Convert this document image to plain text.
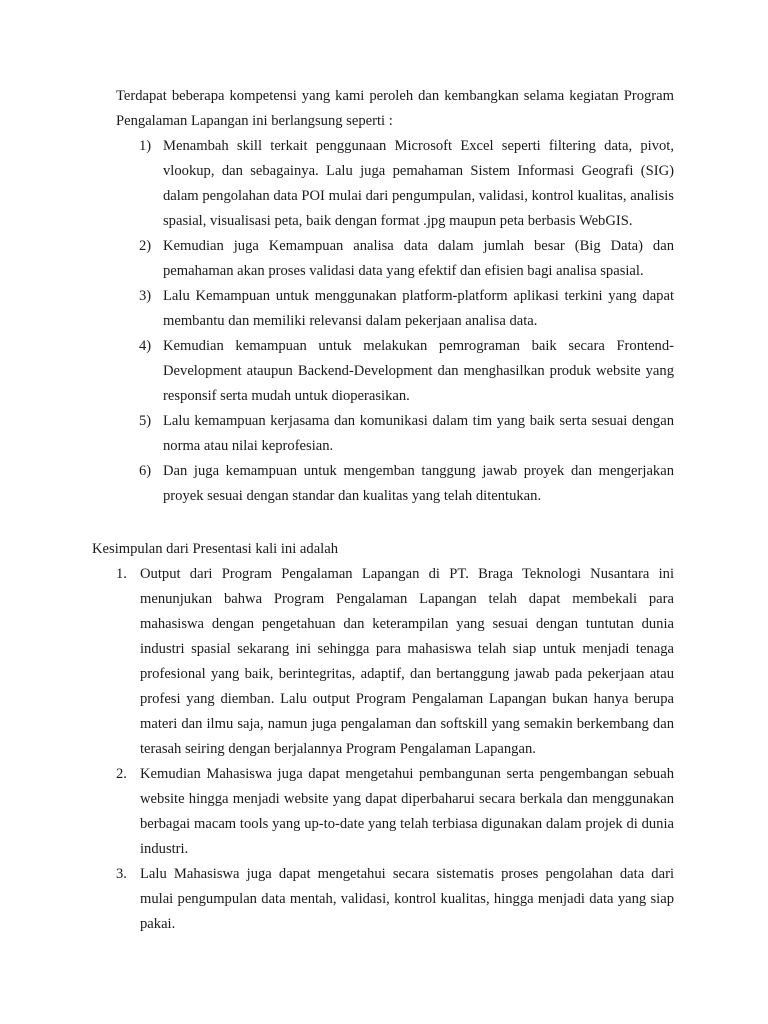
Terdapat beberapa kompetensi yang kami peroleh dan kembangkan selama kegiatan Program Pengalaman Lapangan ini berlangsung seperti :

1) Menambah skill terkait penggunaan Microsoft Excel seperti filtering data, pivot, vlookup, dan sebagainya. Lalu juga pemahaman Sistem Informasi Geografi (SIG) dalam pengolahan data POI mulai dari pengumpulan, validasi, kontrol kualitas, analisis spasial, visualisasi peta, baik dengan format .jpg maupun peta berbasis WebGIS.
2) Kemudian juga Kemampuan analisa data dalam jumlah besar (Big Data) dan pemahaman akan proses validasi data yang efektif dan efisien bagi analisa spasial.
3) Lalu Kemampuan untuk menggunakan platform-platform aplikasi terkini yang dapat membantu dan memiliki relevansi dalam pekerjaan analisa data.
4) Kemudian kemampuan untuk melakukan pemrograman baik secara Frontend-Development ataupun Backend-Development dan menghasilkan produk website yang responsif serta mudah untuk dioperasikan.
5) Lalu kemampuan kerjasama dan komunikasi dalam tim yang baik serta sesuai dengan norma atau nilai keprofesian.
6) Dan juga kemampuan untuk mengemban tanggung jawab proyek dan mengerjakan proyek sesuai dengan standar dan kualitas yang telah ditentukan.

Kesimpulan dari Presentasi kali ini adalah

1. Output dari Program Pengalaman Lapangan di PT. Braga Teknologi Nusantara ini menunjukan bahwa Program Pengalaman Lapangan telah dapat membekali para mahasiswa dengan pengetahuan dan keterampilan yang sesuai dengan tuntutan dunia industri spasial sekarang ini sehingga para mahasiswa telah siap untuk menjadi tenaga profesional yang baik, berintegritas, adaptif, dan bertanggung jawab pada pekerjaan atau profesi yang diemban. Lalu output Program Pengalaman Lapangan bukan hanya berupa materi dan ilmu saja, namun juga pengalaman dan softskill yang semakin berkembang dan terasah seiring dengan berjalannya Program Pengalaman Lapangan.
2. Kemudian Mahasiswa juga dapat mengetahui pembangunan serta pengembangan sebuah website hingga menjadi website yang dapat diperbaharui secara berkala dan menggunakan berbagai macam tools yang up-to-date yang telah terbiasa digunakan dalam projek di dunia industri.
3. Lalu Mahasiswa juga dapat mengetahui secara sistematis proses pengolahan data dari mulai pengumpulan data mentah, validasi, kontrol kualitas, hingga menjadi data yang siap pakai.
